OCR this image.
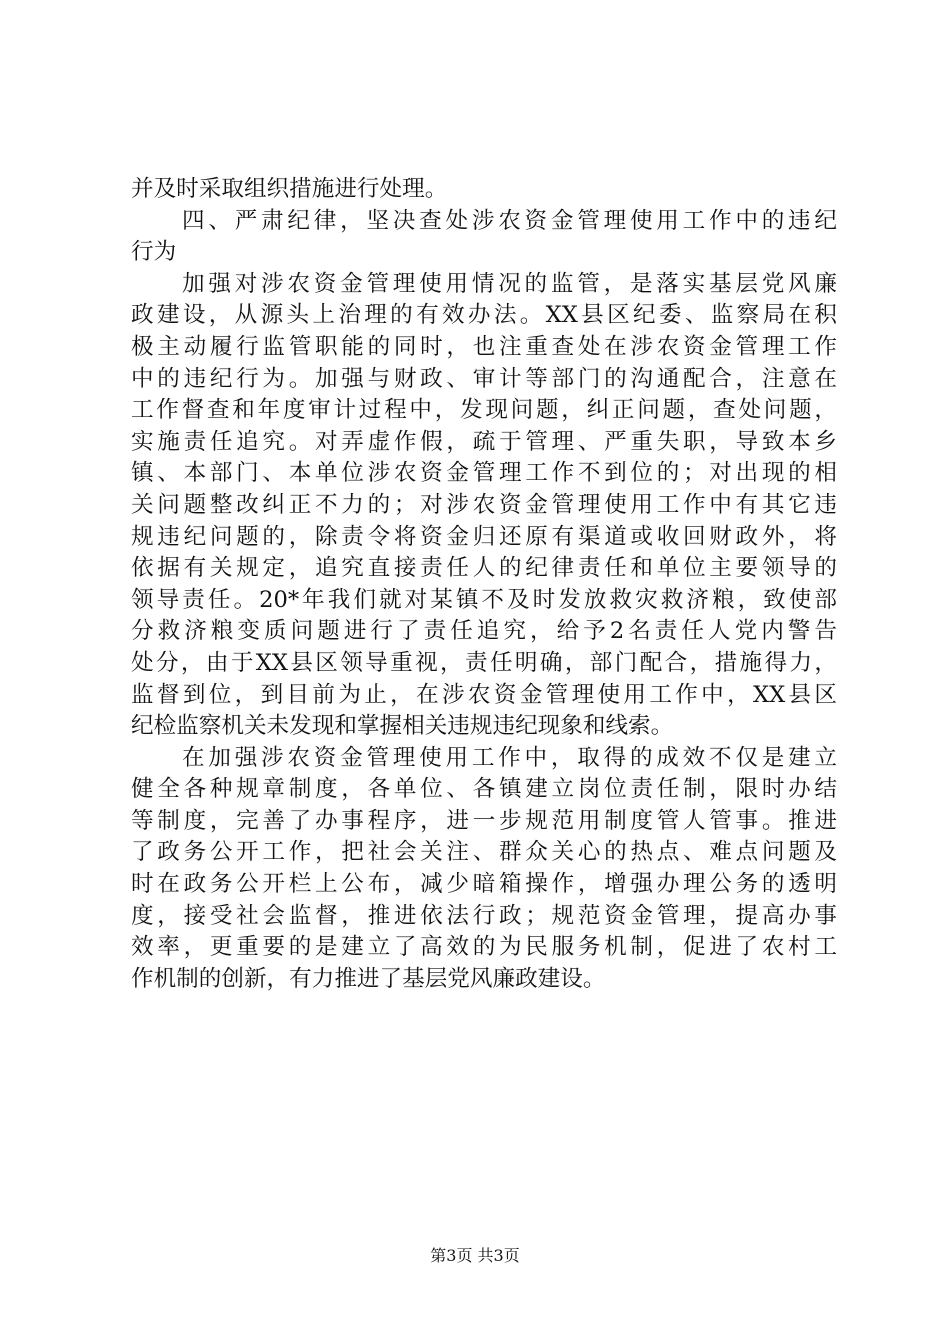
并及时采取组织措施进行处理。
四、严肃纪律，坚决查处涉农资金管理使用工作中的违纪
行为
加强对涉农资金管理使用情况的监管，是落实基层党风廉
政建设，从源头上治理的有效办法。XX县区纪委、监察局在积
极主动履行监管职能的同时，也注重查处在涉农资金管理工作
中的违纪行为。加强与财政、审计等部门的沟通配合，注意在
工作督查和年度审计过程中，发现问题，纠正问题，查处问题，
实施责任追究。对弄虚作假，疏于管理、严重失职，导致本乡
镇、本部门、本单位涉农资金管理工作不到位的；对出现的相
关问题整改纠正不力的；对涉农资金管理使用工作中有其它违
规违纪问题的，除责令将资金归还原有渠道或收回财政外，将
依据有关规定，追究直接责任人的纪律责任和单位主要领导的
领导责任。20*年我们就对某镇不及时发放救灾救济粮，致使部
分救济粮变质问题进行了责任追究，给予2名责任人党内警告
处分，由于XX县区领导重视，责任明确，部门配合，措施得力，
监督到位，到目前为止，在涉农资金管理使用工作中，XX县区
纪检监察机关未发现和掌握相关违规违纪现象和线索。
在加强涉农资金管理使用工作中，取得的成效不仅是建立
健全各种规章制度，各单位、各镇建立岗位责任制，限时办结
等制度，完善了办事程序，进一步规范用制度管人管事。推进
了政务公开工作，把社会关注、群众关心的热点、难点问题及
时在政务公开栏上公布，减少暗箱操作，增强办理公务的透明
度，接受社会监督，推进依法行政；规范资金管理，提高办事
效率，更重要的是建立了高效的为民服务机制，促进了农村工
作机制的创新，有力推进了基层党风廉政建设。
第3页 共3页
